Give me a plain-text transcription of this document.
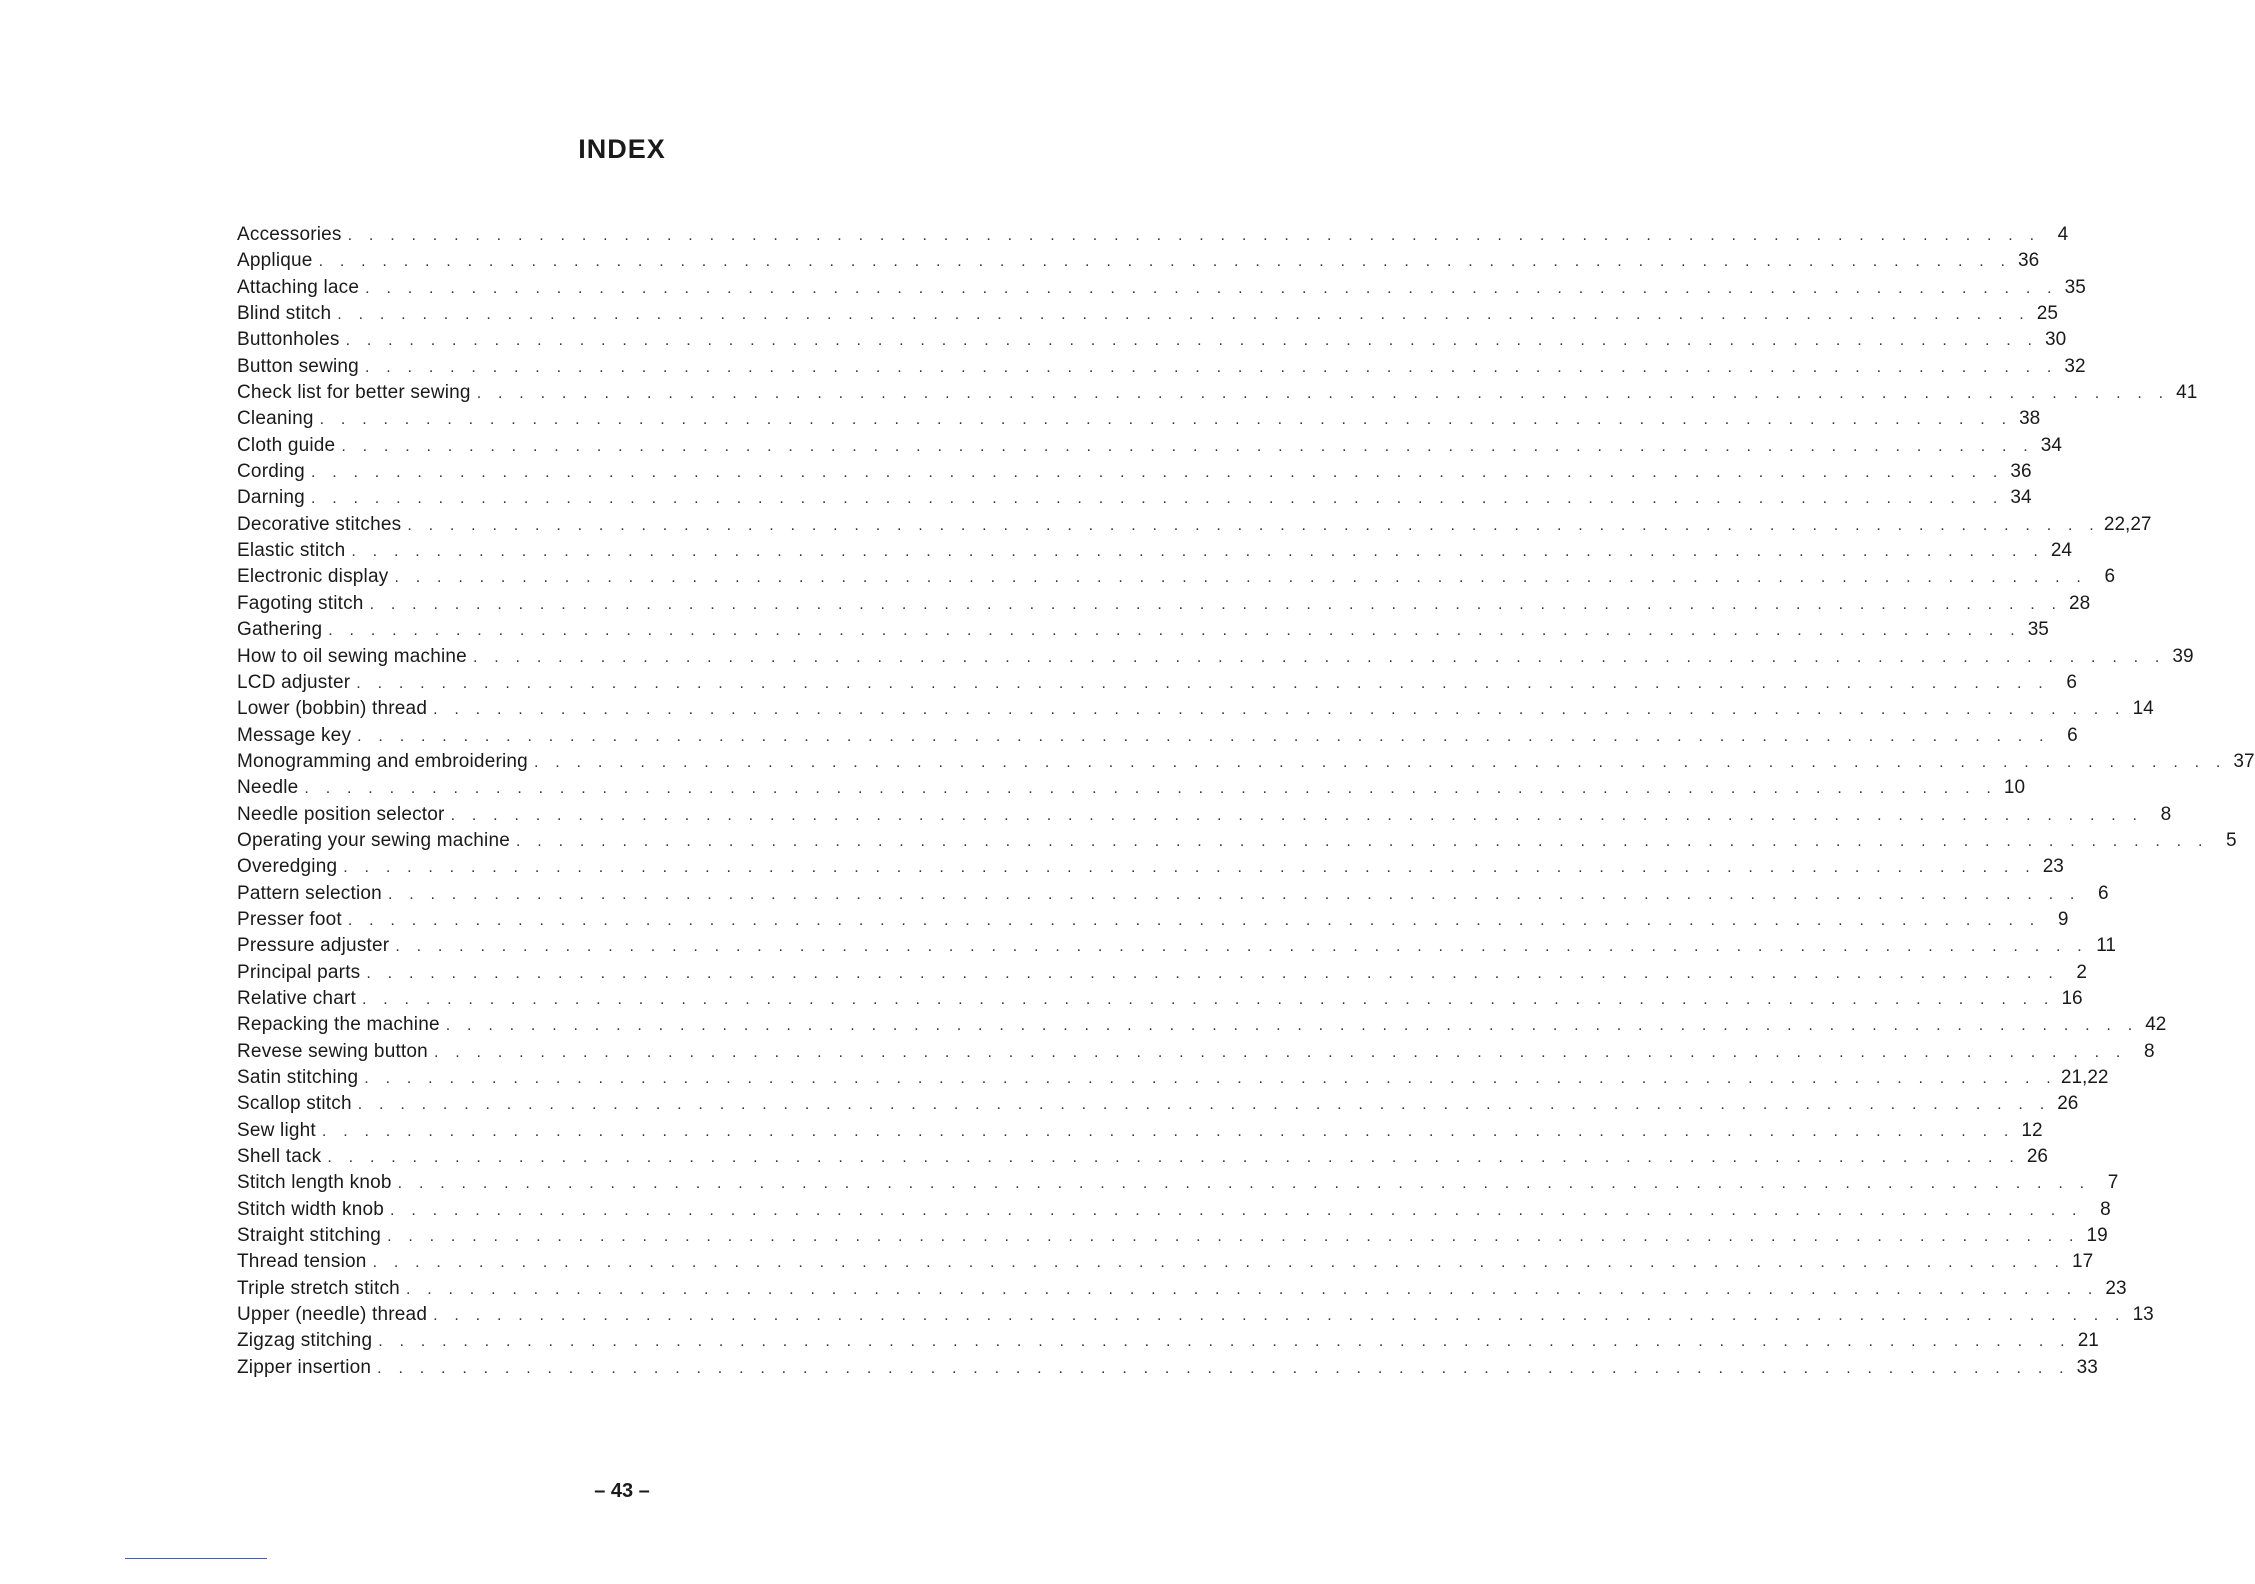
INDEX
Accessories . . . . . . . . . . . . . . . . . . . . . . . . . . . . . . . . . . . . . . . . . . . . . . . . . . . . . . . . . . . . . . . . . . . . . . . . . . . . . . . . 4
Applique . . . . . . . . . . . . . . . . . . . . . . . . . . . . . . . . . . . . . . . . . . . . . . . . . . . . . . . . . . . . . . . . . . . . . . . . . . . . . . . . 36
Attaching lace . . . . . . . . . . . . . . . . . . . . . . . . . . . . . . . . . . . . . . . . . . . . . . . . . . . . . . . . . . . . . . . . . . . . . . . . . . . . . . . . 35
Blind stitch . . . . . . . . . . . . . . . . . . . . . . . . . . . . . . . . . . . . . . . . . . . . . . . . . . . . . . . . . . . . . . . . . . . . . . . . . . . . . . . . 25
Buttonholes . . . . . . . . . . . . . . . . . . . . . . . . . . . . . . . . . . . . . . . . . . . . . . . . . . . . . . . . . . . . . . . . . . . . . . . . . . . . . . . . 30
Button sewing . . . . . . . . . . . . . . . . . . . . . . . . . . . . . . . . . . . . . . . . . . . . . . . . . . . . . . . . . . . . . . . . . . . . . . . . . . . . . . . . 32
Check list for better sewing . . . . . . . . . . . . . . . . . . . . . . . . . . . . . . . . . . . . . . . . . . . . . . . . . . . . . . . . . . . . . . . . . . . . . . . . . . . . . . . . 41
Cleaning . . . . . . . . . . . . . . . . . . . . . . . . . . . . . . . . . . . . . . . . . . . . . . . . . . . . . . . . . . . . . . . . . . . . . . . . . . . . . . . . 38
Cloth guide . . . . . . . . . . . . . . . . . . . . . . . . . . . . . . . . . . . . . . . . . . . . . . . . . . . . . . . . . . . . . . . . . . . . . . . . . . . . . . . . 34
Cording . . . . . . . . . . . . . . . . . . . . . . . . . . . . . . . . . . . . . . . . . . . . . . . . . . . . . . . . . . . . . . . . . . . . . . . . . . . . . . . . 36
Darning . . . . . . . . . . . . . . . . . . . . . . . . . . . . . . . . . . . . . . . . . . . . . . . . . . . . . . . . . . . . . . . . . . . . . . . . . . . . . . . . 34
Decorative stitches . . . . . . . . . . . . . . . . . . . . . . . . . . . . . . . . . . . . . . . . . . . . . . . . . . . . . . . . . . . . . . . . . . . . . . . . . . . . . . . . 22,27
Elastic stitch . . . . . . . . . . . . . . . . . . . . . . . . . . . . . . . . . . . . . . . . . . . . . . . . . . . . . . . . . . . . . . . . . . . . . . . . . . . . . . . . 24
Electronic display . . . . . . . . . . . . . . . . . . . . . . . . . . . . . . . . . . . . . . . . . . . . . . . . . . . . . . . . . . . . . . . . . . . . . . . . . . . . . . . . 6
Fagoting stitch . . . . . . . . . . . . . . . . . . . . . . . . . . . . . . . . . . . . . . . . . . . . . . . . . . . . . . . . . . . . . . . . . . . . . . . . . . . . . . . . 28
Gathering . . . . . . . . . . . . . . . . . . . . . . . . . . . . . . . . . . . . . . . . . . . . . . . . . . . . . . . . . . . . . . . . . . . . . . . . . . . . . . . . 35
How to oil sewing machine . . . . . . . . . . . . . . . . . . . . . . . . . . . . . . . . . . . . . . . . . . . . . . . . . . . . . . . . . . . . . . . . . . . . . . . . . . . . . . . . 39
LCD adjuster . . . . . . . . . . . . . . . . . . . . . . . . . . . . . . . . . . . . . . . . . . . . . . . . . . . . . . . . . . . . . . . . . . . . . . . . . . . . . . . . 6
Lower (bobbin) thread . . . . . . . . . . . . . . . . . . . . . . . . . . . . . . . . . . . . . . . . . . . . . . . . . . . . . . . . . . . . . . . . . . . . . . . . . . . . . . . . 14
Message key . . . . . . . . . . . . . . . . . . . . . . . . . . . . . . . . . . . . . . . . . . . . . . . . . . . . . . . . . . . . . . . . . . . . . . . . . . . . . . . . 6
Monogramming and embroidering . . . . . . . . . . . . . . . . . . . . . . . . . . . . . . . . . . . . . . . . . . . . . . . . . . . . . . . . . . . . . . . . . . . . . . . . . . . . . . . . 37
Needle . . . . . . . . . . . . . . . . . . . . . . . . . . . . . . . . . . . . . . . . . . . . . . . . . . . . . . . . . . . . . . . . . . . . . . . . . . . . . . . . 10
Needle position selector . . . . . . . . . . . . . . . . . . . . . . . . . . . . . . . . . . . . . . . . . . . . . . . . . . . . . . . . . . . . . . . . . . . . . . . . . . . . . . . . 8
Operating your sewing machine . . . . . . . . . . . . . . . . . . . . . . . . . . . . . . . . . . . . . . . . . . . . . . . . . . . . . . . . . . . . . . . . . . . . . . . . . . . . . . . . 5
Overedging . . . . . . . . . . . . . . . . . . . . . . . . . . . . . . . . . . . . . . . . . . . . . . . . . . . . . . . . . . . . . . . . . . . . . . . . . . . . . . . . 23
Pattern selection . . . . . . . . . . . . . . . . . . . . . . . . . . . . . . . . . . . . . . . . . . . . . . . . . . . . . . . . . . . . . . . . . . . . . . . . . . . . . . . . 6
Presser foot . . . . . . . . . . . . . . . . . . . . . . . . . . . . . . . . . . . . . . . . . . . . . . . . . . . . . . . . . . . . . . . . . . . . . . . . . . . . . . . . 9
Pressure adjuster . . . . . . . . . . . . . . . . . . . . . . . . . . . . . . . . . . . . . . . . . . . . . . . . . . . . . . . . . . . . . . . . . . . . . . . . . . . . . . . . 11
Principal parts . . . . . . . . . . . . . . . . . . . . . . . . . . . . . . . . . . . . . . . . . . . . . . . . . . . . . . . . . . . . . . . . . . . . . . . . . . . . . . . . 2
Relative chart . . . . . . . . . . . . . . . . . . . . . . . . . . . . . . . . . . . . . . . . . . . . . . . . . . . . . . . . . . . . . . . . . . . . . . . . . . . . . . . . 16
Repacking the machine . . . . . . . . . . . . . . . . . . . . . . . . . . . . . . . . . . . . . . . . . . . . . . . . . . . . . . . . . . . . . . . . . . . . . . . . . . . . . . . . 42
Revese sewing button . . . . . . . . . . . . . . . . . . . . . . . . . . . . . . . . . . . . . . . . . . . . . . . . . . . . . . . . . . . . . . . . . . . . . . . . . . . . . . . . 8
Satin stitching . . . . . . . . . . . . . . . . . . . . . . . . . . . . . . . . . . . . . . . . . . . . . . . . . . . . . . . . . . . . . . . . . . . . . . . . . . . . . . . . 21,22
Scallop stitch . . . . . . . . . . . . . . . . . . . . . . . . . . . . . . . . . . . . . . . . . . . . . . . . . . . . . . . . . . . . . . . . . . . . . . . . . . . . . . . . 26
Sew light . . . . . . . . . . . . . . . . . . . . . . . . . . . . . . . . . . . . . . . . . . . . . . . . . . . . . . . . . . . . . . . . . . . . . . . . . . . . . . . . 12
Shell tack . . . . . . . . . . . . . . . . . . . . . . . . . . . . . . . . . . . . . . . . . . . . . . . . . . . . . . . . . . . . . . . . . . . . . . . . . . . . . . . . 26
Stitch length knob . . . . . . . . . . . . . . . . . . . . . . . . . . . . . . . . . . . . . . . . . . . . . . . . . . . . . . . . . . . . . . . . . . . . . . . . . . . . . . . . 7
Stitch width knob . . . . . . . . . . . . . . . . . . . . . . . . . . . . . . . . . . . . . . . . . . . . . . . . . . . . . . . . . . . . . . . . . . . . . . . . . . . . . . . . 8
Straight stitching . . . . . . . . . . . . . . . . . . . . . . . . . . . . . . . . . . . . . . . . . . . . . . . . . . . . . . . . . . . . . . . . . . . . . . . . . . . . . . . . 19
Thread tension . . . . . . . . . . . . . . . . . . . . . . . . . . . . . . . . . . . . . . . . . . . . . . . . . . . . . . . . . . . . . . . . . . . . . . . . . . . . . . . . 17
Triple stretch stitch . . . . . . . . . . . . . . . . . . . . . . . . . . . . . . . . . . . . . . . . . . . . . . . . . . . . . . . . . . . . . . . . . . . . . . . . . . . . . . . . 23
Upper (needle) thread . . . . . . . . . . . . . . . . . . . . . . . . . . . . . . . . . . . . . . . . . . . . . . . . . . . . . . . . . . . . . . . . . . . . . . . . . . . . . . . . 13
Zigzag stitching . . . . . . . . . . . . . . . . . . . . . . . . . . . . . . . . . . . . . . . . . . . . . . . . . . . . . . . . . . . . . . . . . . . . . . . . . . . . . . . . 21
Zipper insertion . . . . . . . . . . . . . . . . . . . . . . . . . . . . . . . . . . . . . . . . . . . . . . . . . . . . . . . . . . . . . . . . . . . . . . . . . . . . . . . . 33
– 43 –
